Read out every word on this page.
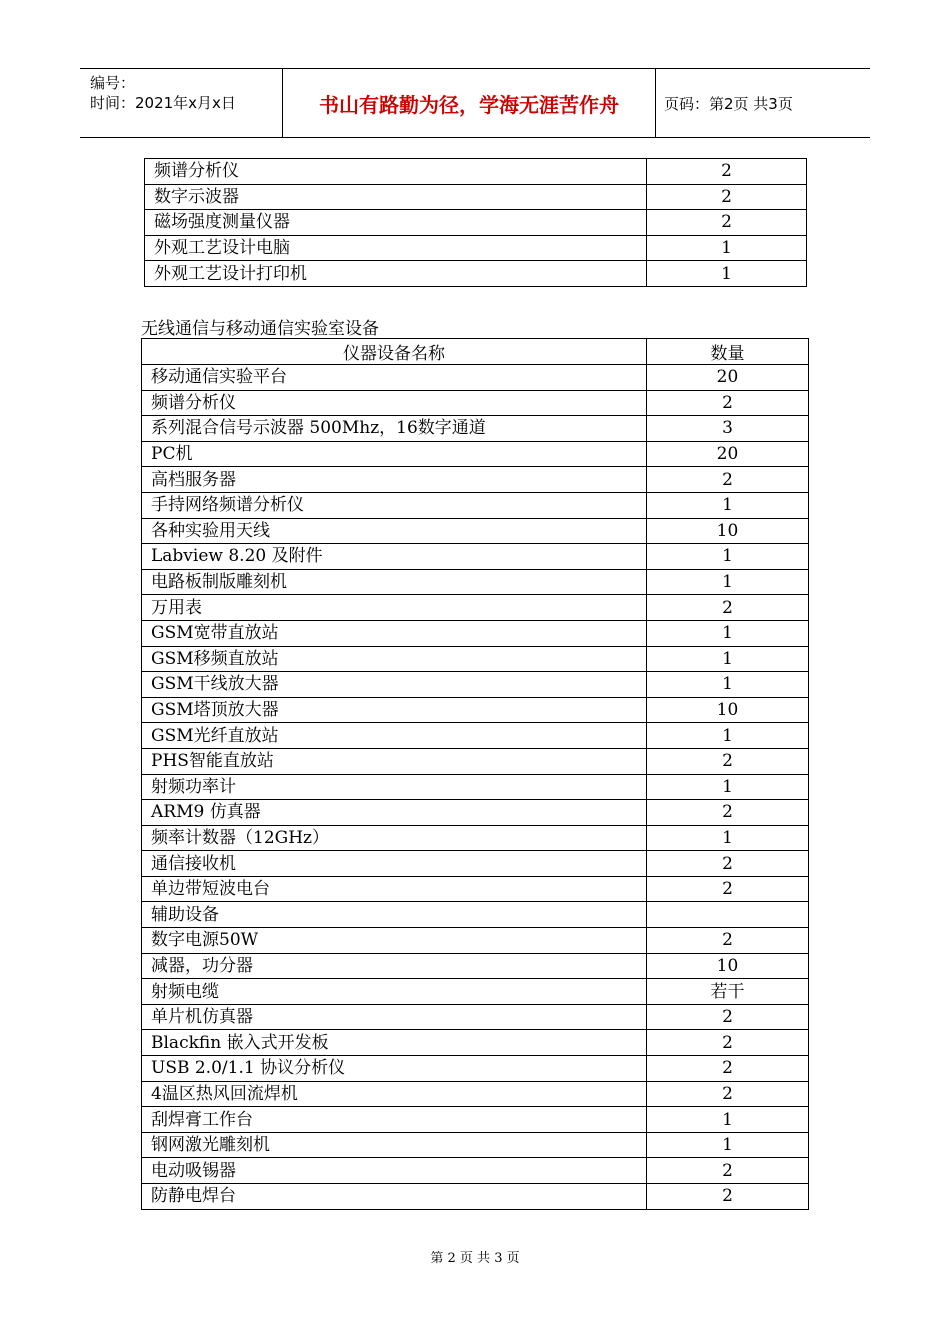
编号：
时间：2021年x月x日	书山有路勤为径，学海无涯苦作舟	页码：第2页 共3页
频谱分析仪	2
数字示波器	2
磁场强度测量仪器	2
外观工艺设计电脑	1
外观工艺设计打印机	1
无线通信与移动通信实验室设备
仪器设备名称	数量
移动通信实验平台	20
频谱分析仪	2
系列混合信号示波器 500Mhz，16数字通道	3
PC机	20
高档服务器	2
手持网络频谱分析仪	1
各种实验用天线	10
Labview 8.20 及附件	1
电路板制版雕刻机	1
万用表	2
GSM宽带直放站	1
GSM移频直放站	1
GSM干线放大器	1
GSM塔顶放大器	10
GSM光纤直放站	1
PHS智能直放站	2
射频功率计	1
ARM9 仿真器	2
频率计数器（12GHz）	1
通信接收机	2
单边带短波电台	2
辅助设备	
数字电源50W	2
减器，功分器	10
射频电缆	若干
单片机仿真器	2
Blackfin 嵌入式开发板	2
USB 2.0/1.1 协议分析仪	2
4温区热风回流焊机	2
刮焊膏工作台	1
钢网激光雕刻机	1
电动吸锡器	2
防静电焊台	2
第 2 页 共 3 页
